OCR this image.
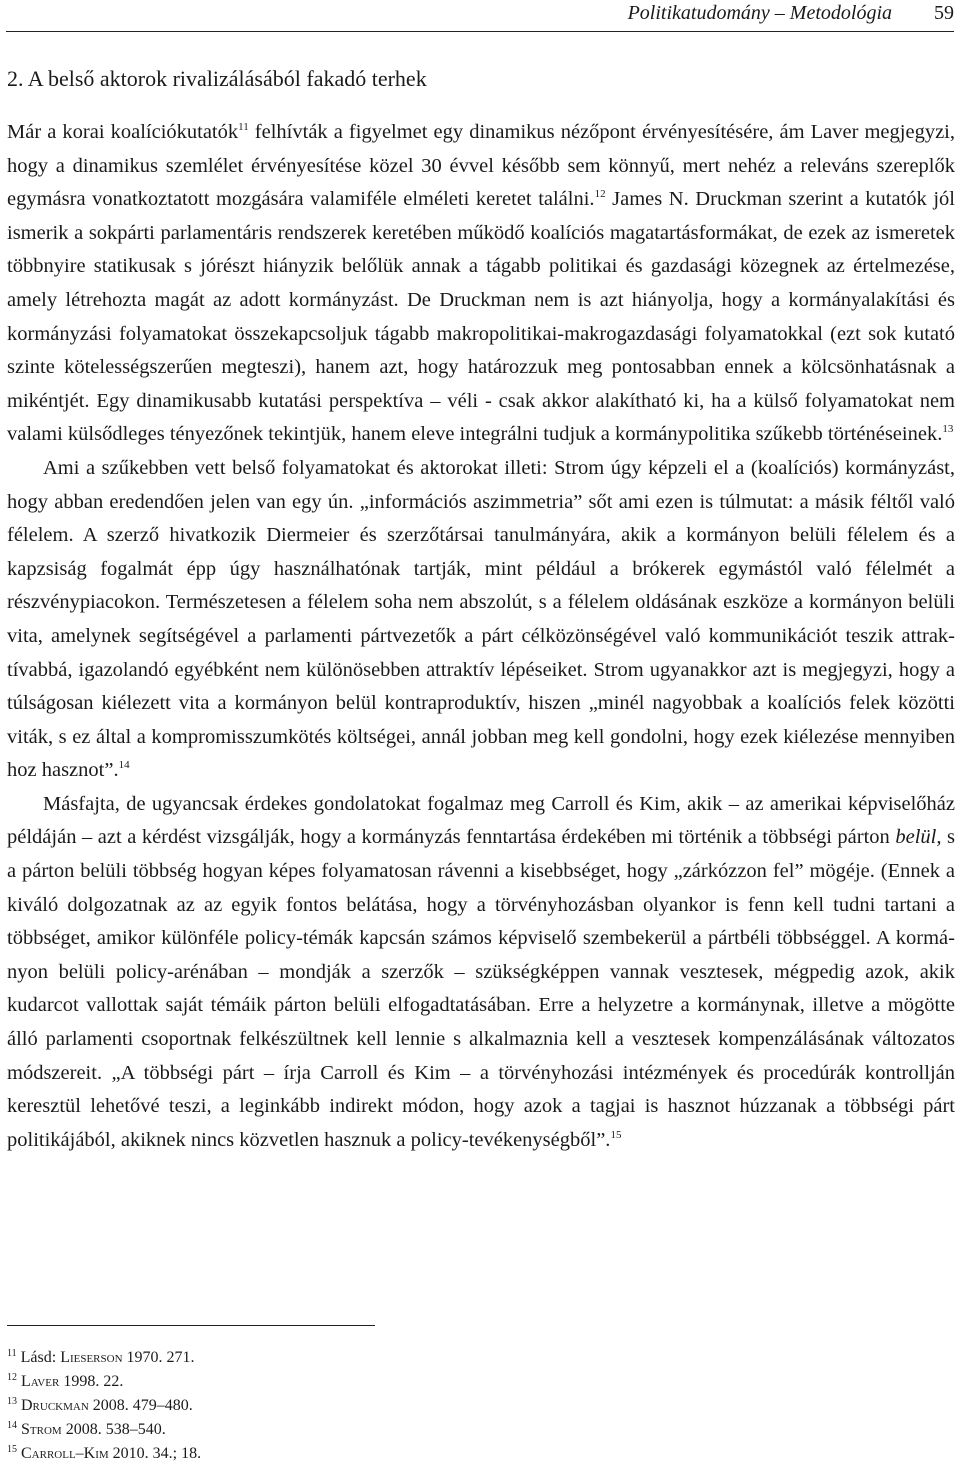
Politikatudomány – Metodológia 59
2. A belső aktorok rivalizálásából fakadó terhek

Már a korai koalíciókutatók$^{11}$ felhívták a figyelmet egy dinamikus nézőpont érvényesítésére, ám Laver megjegyzi, hogy a dinamikus szemlélet érvényesítése közel 30 évvel később sem könnyű, mert nehéz a releváns szereplők egymásra vonatkoztatott mozgására valamiféle elméleti keretet találni.$^{12}$ James N. Druckman szerint a kutatók jól ismerik a sokpárti parlamentáris rendszerek keretében működő koalíciós magatartásformákat, de ezek az ismeretek többnyire statikusak s jórészt hiányzik belőlük annak a tágabb politikai és gazdasági közegnek az értelmezése, amely létrehozta magát az adott kormányzást. De Druckman nem is azt hiányolja, hogy a kormányalakítási és kormányzási folyamatokat összekapcsoljuk tágabb makropolitikai-makrogazdasági folyamatokkal (ezt sok kutató szinte kötelességszerűen megteszi), hanem azt, hogy határozzuk meg pontosabban ennek a kölcsönhatásnak a mikéntjét. Egy dinamikusabb kutatási perspektíva – véli - csak akkor alakítható ki, ha a külső folyamatokat nem valami külsődleges tényezőnek tekintjük, hanem eleve integrálni tudjuk a kormánypolitika szűkebb történéseinek.$^{13}$

Ami a szűkebben vett belső folyamatokat és aktorokat illeti: Strom úgy képzeli el a (koalíciós) kormányzást, hogy abban eredendően jelen van egy ún. „információs aszimmetria” sőt ami ezen is túlmutat: a másik féltől való félelem. A szerző hivatkozik Diermeier és szerzőtársai tanulmányára, akik a kormányon belüli félelem és a kapzsiság fogalmát épp úgy használhatónak tartják, mint például a brókerek egymástól való félelmét a részvénypiacokon. Természetesen a félelem soha nem abszolút, s a félelem oldásának eszköze a kormányon belüli vita, amelynek segítségével a parlamenti pártvezetők a párt célközönségével való kommunikációt teszik attraktívabbá, igazolandó egyébként nem különösebben attraktív lépéseiket. Strom ugyanakkor azt is megjegyzi, hogy a túlságosan kiélezett vita a kormányon belül kontraproduktív, hiszen „minél nagyobbak a koalíciós felek közötti viták, s ez által a kompromisszumkötés költségei, annál jobban meg kell gondolni, hogy ezek kiélezése mennyiben hoz hasznot”.$^{14}$

Másfajta, de ugyancsak érdekes gondolatokat fogalmaz meg Carroll és Kim, akik – az amerikai képviselőház példáján – azt a kérdést vizsgálják, hogy a kormányzás fenntartása érdekében mi történik a többségi párton belül, s a párton belüli többség hogyan képes folyamatosan rávenni a kisebbséget, hogy „zárkózzon fel” mögéje. (Ennek a kiváló dolgozatnak az az egyik fontos belátása, hogy a törvényhozásban olyankor is fenn kell tudni tartani a többséget, amikor különféle policy-témák kapcsán számos képviselő szembekerül a pártbéli többséggel. A kormányon belüli policy-arénában – mondják a szerzők – szükségképpen vannak vesztesek, mégpedig azok, akik kudarcot vallottak saját témáik párton belüli elfogadtatásában. Erre a helyzetre a kormánynak, illetve a mögötte álló parlamenti csoportnak felkészültnek kell lennie s alkalmaznia kell a vesztesek kompenzálásának változatos módszereit. „A többségi párt – írja Carroll és Kim – a törvényhozási intézmények és procedúrák kontrollján keresztül lehetővé teszi, a leginkább indirekt módon, hogy azok a tagjai is hasznot húzzanak a többségi párt politikájából, akiknek nincs közvetlen hasznuk a policy-tevékenységből”.$^{15}$

$^{11}$ Lásd: Lieserson 1970. 271.
$^{12}$ Laver 1998. 22.
$^{13}$ Druckman 2008. 479–480.
$^{14}$ Strom 2008. 538–540.
$^{15}$ Carroll–Kim 2010. 34.; 18.
